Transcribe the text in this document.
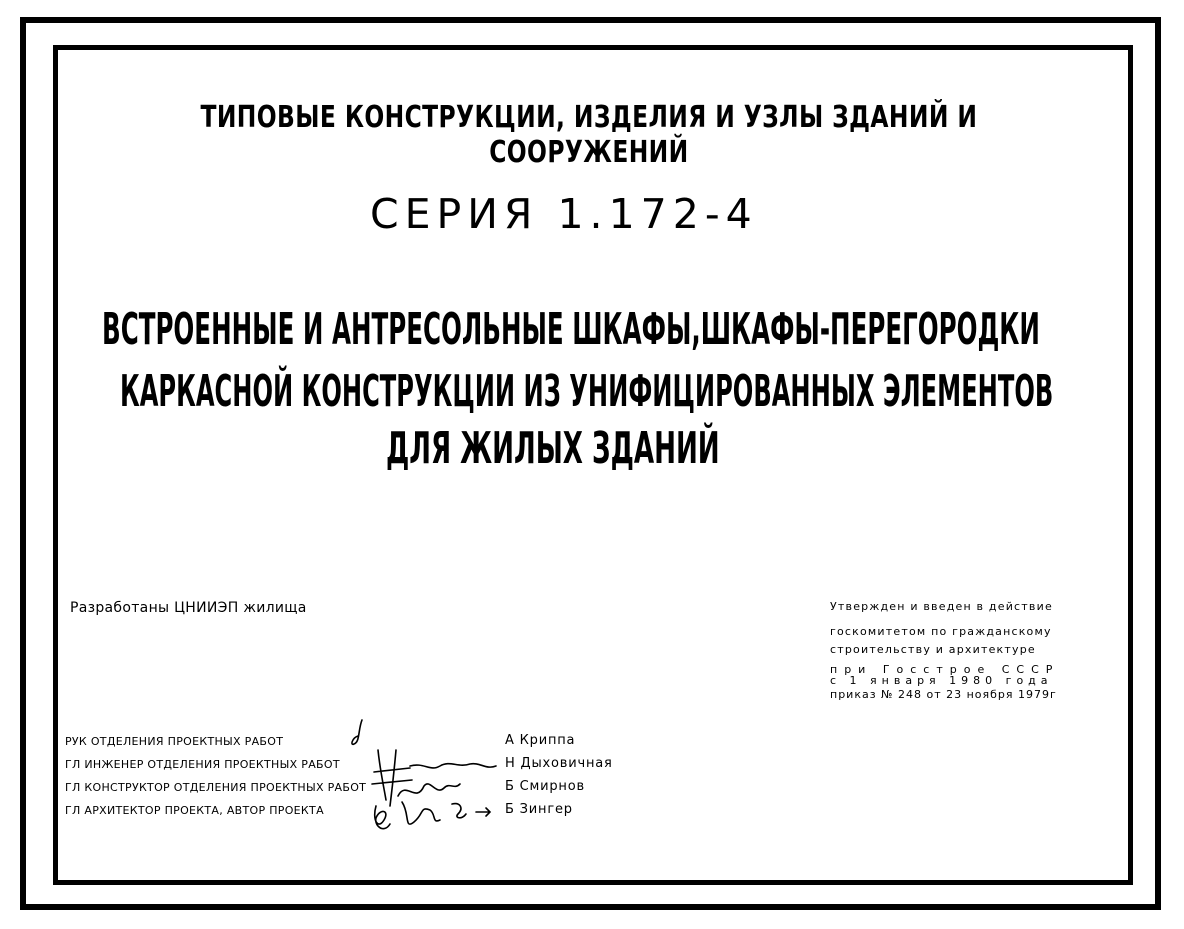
ТИПОВЫЕ КОНСТРУКЦИИ, ИЗДЕЛИЯ И УЗЛЫ ЗДАНИЙ И СООРУЖЕНИЙ
СЕРИЯ 1.172-4
ВСТРОЕННЫЕ И АНТРЕСОЛЬНЫЕ ШКАФЫ,ШКАФЫ-ПЕРЕГОРОДКИ
КАРКАСНОЙ КОНСТРУКЦИИ ИЗ УНИФИЦИРОВАННЫХ ЭЛЕМЕНТОВ
ДЛЯ ЖИЛЫХ ЗДАНИЙ
Разработаны ЦНИИЭП жилища	Утвержден и введен в действие
госкомитетом по гражданскому
строительству и архитектуре
при Госстрое СССР
с 1 января 1980 года
приказ № 248 от 23 ноября 1979г
РУК ОТДЕЛЕНИЯ ПРОЕКТНЫХ РАБОТ
ГЛ ИНЖЕНЕР ОТДЕЛЕНИЯ ПРОЕКТНЫХ РАБОТ
ГЛ КОНСТРУКТОР ОТДЕЛЕНИЯ ПРОЕКТНЫХ РАБОТ
ГЛ АРХИТЕКТОР ПРОЕКТА, АВТОР ПРОЕКТА
А Криппа
Н Дыховичная
Б Смирнов
Б Зингер
